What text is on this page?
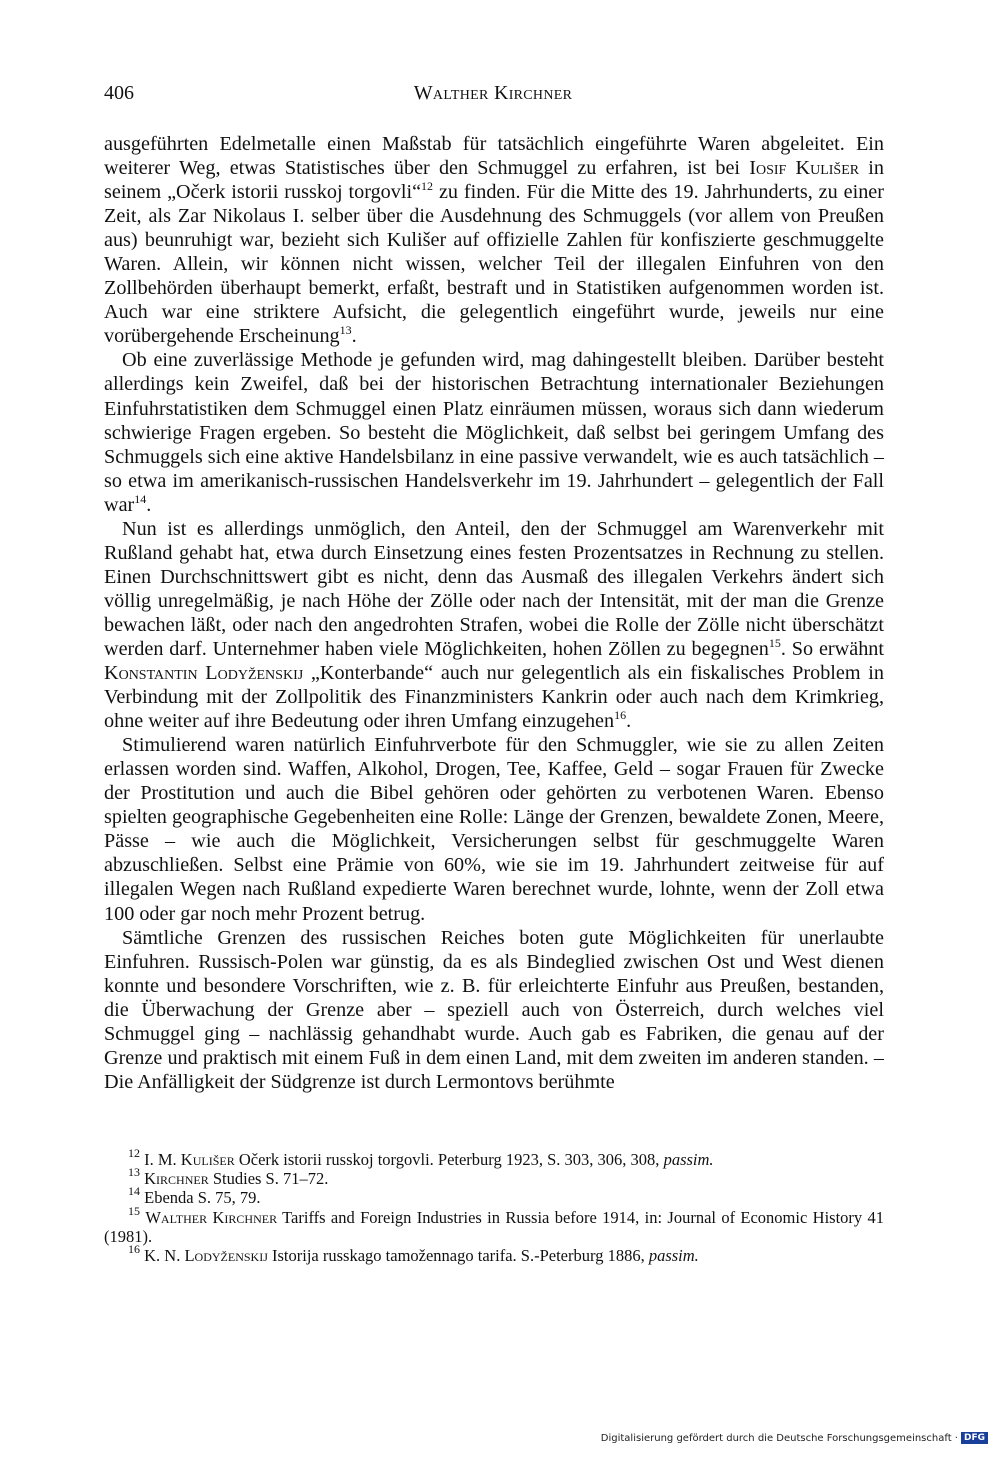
406	Walther Kirchner

ausgeführten Edelmetalle einen Maßstab für tatsächlich eingeführte Waren abgeleitet. Ein weiterer Weg, etwas Statistisches über den Schmuggel zu erfahren, ist bei Iosif Kulišer in seinem „Očerk istorii russkoj torgovli“$^{12}$ zu finden. Für die Mitte des 19. Jahrhunderts, zu einer Zeit, als Zar Nikolaus I. selber über die Ausdehnung des Schmuggels (vor allem von Preußen aus) beunruhigt war, bezieht sich Kulišer auf offizielle Zahlen für konfiszierte geschmuggelte Waren. Allein, wir können nicht wissen, welcher Teil der illegalen Einfuhren von den Zollbehörden überhaupt bemerkt, erfaßt, bestraft und in Statistiken aufgenommen worden ist. Auch war eine striktere Aufsicht, die gelegentlich eingeführt wurde, jeweils nur eine vorübergehende Erscheinung$^{13}$.

Ob eine zuverlässige Methode je gefunden wird, mag dahingestellt bleiben. Darüber besteht allerdings kein Zweifel, daß bei der historischen Betrachtung internationaler Beziehungen Einfuhrstatistiken dem Schmuggel einen Platz einräumen müssen, woraus sich dann wiederum schwierige Fragen ergeben. So besteht die Möglichkeit, daß selbst bei geringem Umfang des Schmuggels sich eine aktive Handelsbilanz in eine passive verwandelt, wie es auch tatsächlich – so etwa im amerikanisch-russischen Handelsverkehr im 19. Jahrhundert – gelegentlich der Fall war$^{14}$.

Nun ist es allerdings unmöglich, den Anteil, den der Schmuggel am Warenverkehr mit Rußland gehabt hat, etwa durch Einsetzung eines festen Prozentsatzes in Rechnung zu stellen. Einen Durchschnittswert gibt es nicht, denn das Ausmaß des illegalen Verkehrs ändert sich völlig unregelmäßig, je nach Höhe der Zölle oder nach der Intensität, mit der man die Grenze bewachen läßt, oder nach den angedrohten Strafen, wobei die Rolle der Zölle nicht überschätzt werden darf. Unternehmer haben viele Möglichkeiten, hohen Zöllen zu begegnen$^{15}$. So erwähnt Konstantin Lodyženskij „Konterbande“ auch nur gelegentlich als ein fiskalisches Problem in Verbindung mit der Zollpolitik des Finanzministers Kankrin oder auch nach dem Krimkrieg, ohne weiter auf ihre Bedeutung oder ihren Umfang einzugehen$^{16}$.

Stimulierend waren natürlich Einfuhrverbote für den Schmuggler, wie sie zu allen Zeiten erlassen worden sind. Waffen, Alkohol, Drogen, Tee, Kaffee, Geld – sogar Frauen für Zwecke der Prostitution und auch die Bibel gehören oder gehörten zu verbotenen Waren. Ebenso spielten geographische Gegebenheiten eine Rolle: Länge der Grenzen, bewaldete Zonen, Meere, Pässe – wie auch die Möglichkeit, Versicherungen selbst für geschmuggelte Waren abzuschließen. Selbst eine Prämie von 60%, wie sie im 19. Jahrhundert zeitweise für auf illegalen Wegen nach Rußland expedierte Waren berechnet wurde, lohnte, wenn der Zoll etwa 100 oder gar noch mehr Prozent betrug.

Sämtliche Grenzen des russischen Reiches boten gute Möglichkeiten für unerlaubte Einfuhren. Russisch-Polen war günstig, da es als Bindeglied zwischen Ost und West dienen konnte und besondere Vorschriften, wie z. B. für erleichterte Einfuhr aus Preußen, bestanden, die Überwachung der Grenze aber – speziell auch von Österreich, durch welches viel Schmuggel ging – nachlässig gehandhabt wurde. Auch gab es Fabriken, die genau auf der Grenze und praktisch mit einem Fuß in dem einen Land, mit dem zweiten im anderen standen. – Die Anfälligkeit der Südgrenze ist durch Lermontovs berühmte

$^{12}$ I. M. Kulišer Očerk istorii russkoj torgovli. Peterburg 1923, S. 303, 306, 308, passim.

$^{13}$ Kirchner Studies S. 71–72.

$^{14}$ Ebenda S. 75, 79.

$^{15}$ Walther Kirchner Tariffs and Foreign Industries in Russia before 1914, in: Journal of Economic History 41 (1981).

$^{16}$ K. N. Lodyženskij Istorija russkago tamožennago tarifa. S.-Peterburg 1886, passim.

Digitalisierung gefördert durch die Deutsche Forschungsgemeinschaft · DFG
